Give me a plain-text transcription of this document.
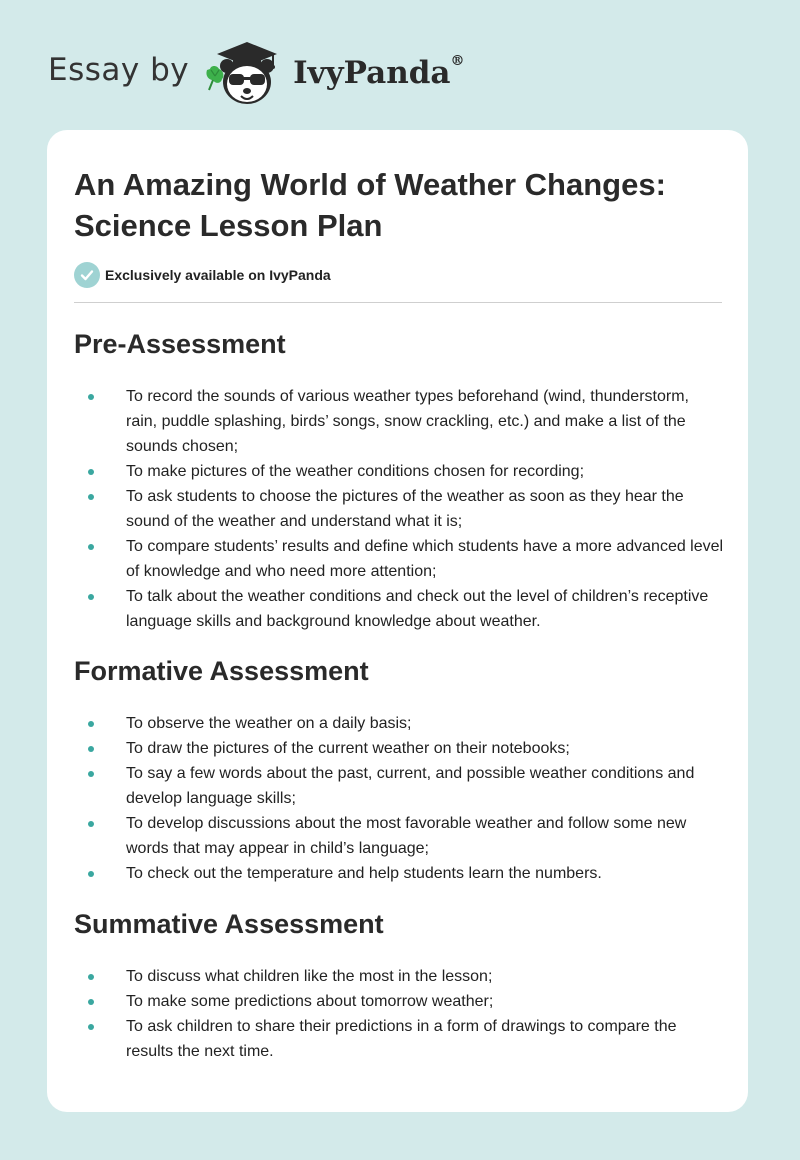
Essay by	IvyPanda®
An Amazing World of Weather Changes: Science Lesson Plan
Exclusively available on IvyPanda
Pre-Assessment
To record the sounds of various weather types beforehand (wind, thunderstorm, rain, puddle splashing, birds’ songs, snow crackling, etc.) and make a list of the sounds chosen;
To make pictures of the weather conditions chosen for recording;
To ask students to choose the pictures of the weather as soon as they hear the sound of the weather and understand what it is;
To compare students’ results and define which students have a more advanced level of knowledge and who need more attention;
To talk about the weather conditions and check out the level of children’s receptive language skills and background knowledge about weather.
Formative Assessment
To observe the weather on a daily basis;
To draw the pictures of the current weather on their notebooks;
To say a few words about the past, current, and possible weather conditions and develop language skills;
To develop discussions about the most favorable weather and follow some new words that may appear in child’s language;
To check out the temperature and help students learn the numbers.
Summative Assessment
To discuss what children like the most in the lesson;
To make some predictions about tomorrow weather;
To ask children to share their predictions in a form of drawings to compare the results the next time.
